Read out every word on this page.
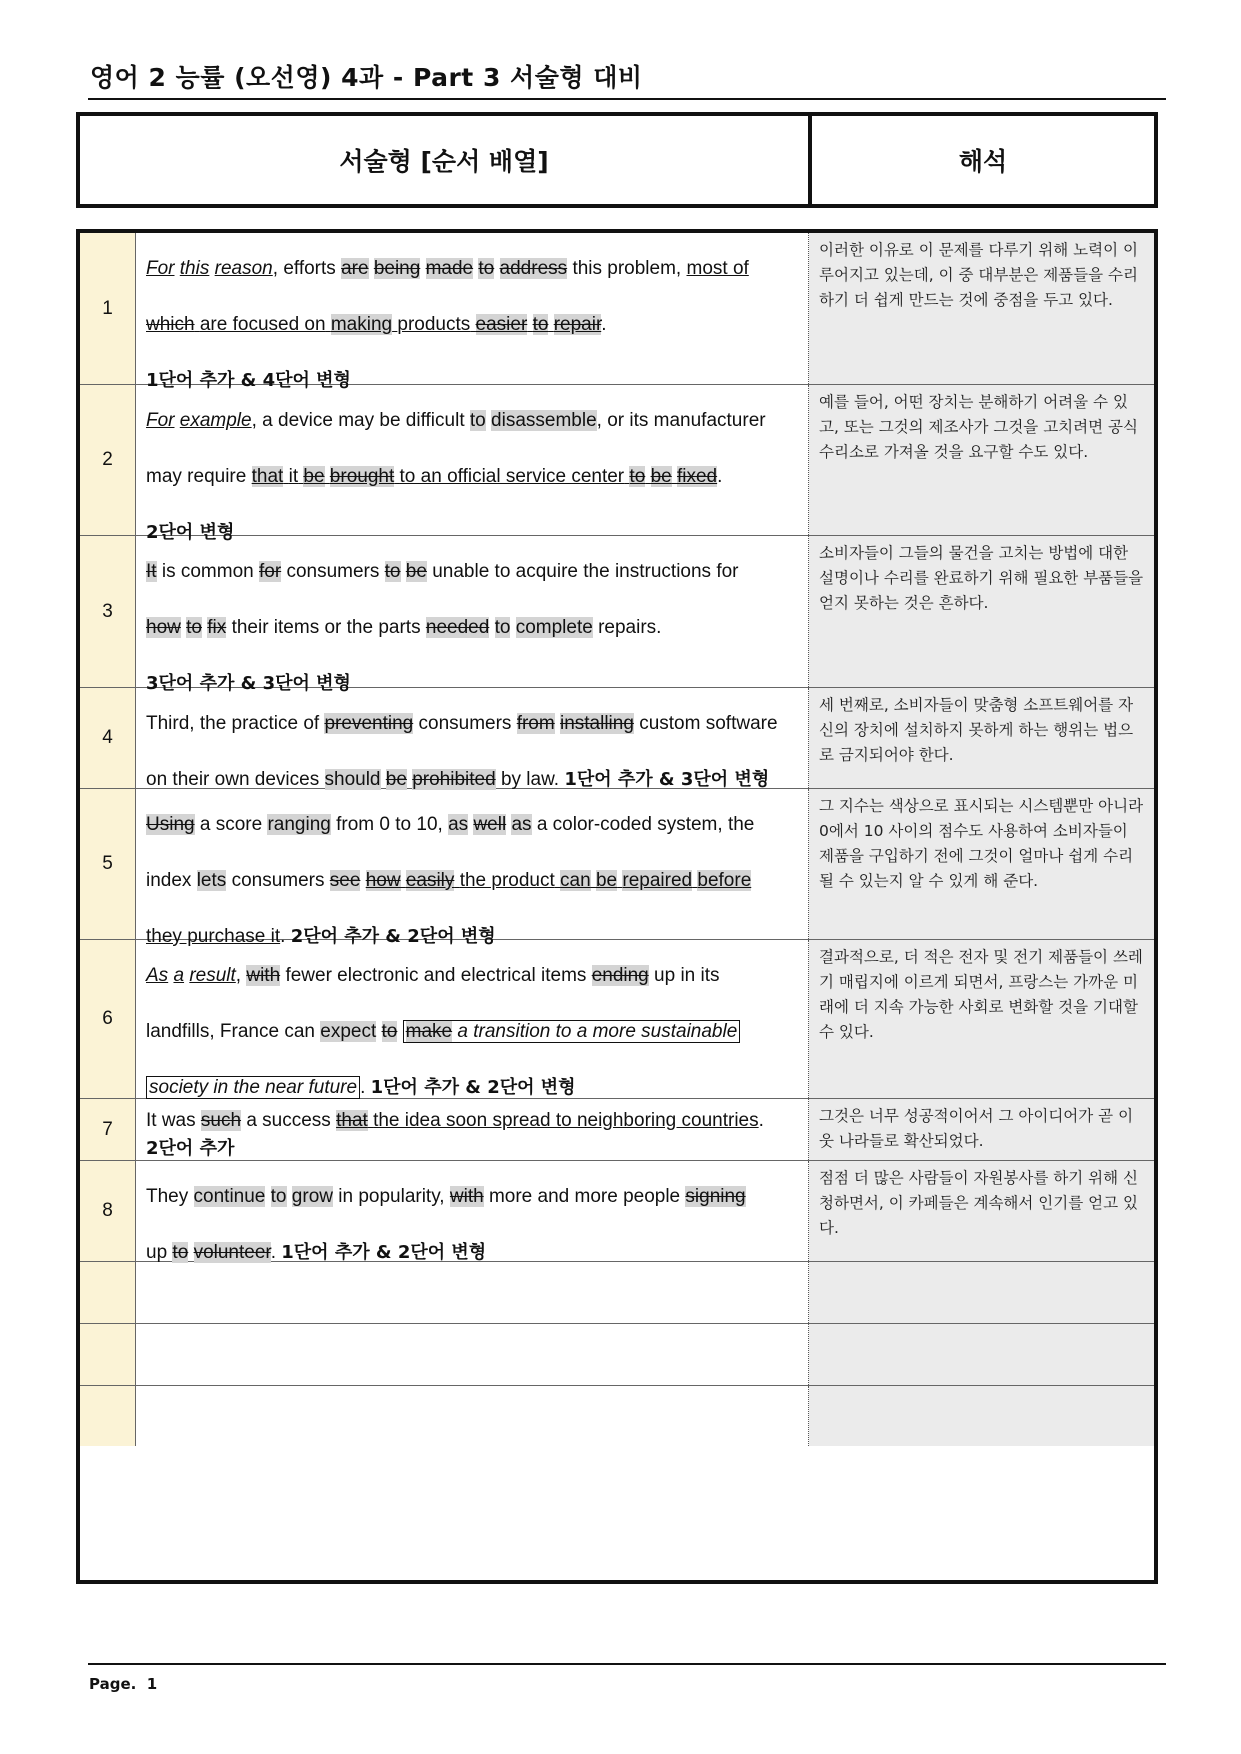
영어 2 능률 (오선영) 4과 - Part 3 서술형 대비
서술형 [순서 배열]	해석
1

For this reason, efforts are being made to address this problem, most of

which are focused on making products easier to repair.

1단어 추가 & 4단어 변형

이러한 이유로 이 문제를 다루기 위해 노력이 이루어지고 있는데, 이 중 대부분은 제품들을 수리하기 더 쉽게 만드는 것에 중점을 두고 있다.
2

For example, a device may be difficult to disassemble, or its manufacturer

may require that it be brought to an official service center to be fixed.

2단어 변형

예를 들어, 어떤 장치는 분해하기 어려울 수 있고, 또는 그것의 제조사가 그것을 고치려면 공식 수리소로 가져올 것을 요구할 수도 있다.
3

It is common for consumers to be unable to acquire the instructions for

how to fix their items or the parts needed to complete repairs.

3단어 추가 & 3단어 변형

소비자들이 그들의 물건을 고치는 방법에 대한 설명이나 수리를 완료하기 위해 필요한 부품들을 얻지 못하는 것은 흔하다.
4

Third, the practice of preventing consumers from installing custom software

on their own devices should be prohibited by law. 1단어 추가 & 3단어 변형

세 번째로, 소비자들이 맞춤형 소프트웨어를 자신의 장치에 설치하지 못하게 하는 행위는 법으로 금지되어야 한다.
5

Using a score ranging from 0 to 10, as well as a color-coded system, the

index lets consumers see how easily the product can be repaired before

they purchase it. 2단어 추가 & 2단어 변형

그 지수는 색상으로 표시되는 시스템뿐만 아니라 0에서 10 사이의 점수도 사용하여 소비자들이 제품을 구입하기 전에 그것이 얼마나 쉽게 수리될 수 있는지 알 수 있게 해 준다.
6

As a result, with fewer electronic and electrical items ending up in its

landfills, France can expect to make a transition to a more sustainable

society in the near future . 1단어 추가 & 2단어 변형

결과적으로, 더 적은 전자 및 전기 제품들이 쓰레기 매립지에 이르게 되면서, 프랑스는 가까운 미래에 더 지속 가능한 사회로 변화할 것을 기대할 수 있다.
7	It was such a success that the idea soon spread to neighboring countries.

2단어 추가

그것은 너무 성공적이어서 그 아이디어가 곧 이웃 나라들로 확산되었다.
8

They continue to grow in popularity, with more and more people signing

up to volunteer. 1단어 추가 & 2단어 변형

점점 더 많은 사람들이 자원봉사를 하기 위해 신청하면서, 이 카페들은 계속해서 인기를 얻고 있다.
Page. 1
